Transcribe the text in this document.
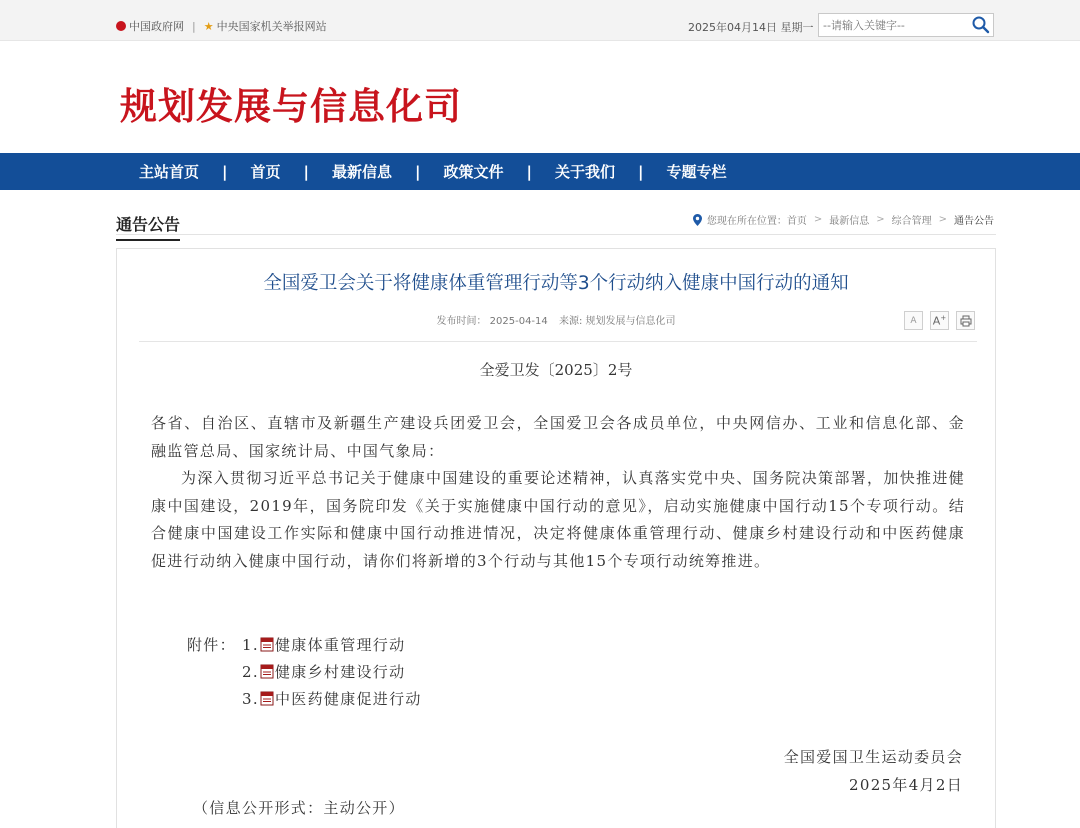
中国政府网 | ★ 中央国家机关举报网站	2025年04月14日 星期一
--请输入关键字--
规划发展与信息化司
主站首页	|	首页	|	最新信息	|	政策文件	|	关于我们	|	专题专栏
通告公告	您现在所在位置： 首页 > 最新信息 > 综合管理 > 通告公告
全国爱卫会关于将健康体重管理行动等3个行动纳入健康中国行动的通知
发布时间： 2025-04-14 来源: 规划发展与信息化司	A A+
全爱卫发〔2025〕2号
各省、自治区、直辖市及新疆生产建设兵团爱卫会，全国爱卫会各成员单位，中央网信办、工业和信息化部、金融监管总局、国家统计局、中国气象局：
为深入贯彻习近平总书记关于健康中国建设的重要论述精神，认真落实党中央、国务院决策部署，加快推进健康中国建设，2019年，国务院印发《关于实施健康中国行动的意见》，启动实施健康中国行动15个专项行动。结合健康中国建设工作实际和健康中国行动推进情况，决定将健康体重管理行动、健康乡村建设行动和中医药健康促进行动纳入健康中国行动，请你们将新增的3个行动与其他15个专项行动统筹推进。
附件： 1. 健康体重管理行动
2. 健康乡村建设行动
3. 中医药健康促进行动
全国爱国卫生运动委员会
2025年4月2日
（信息公开形式：主动公开）
